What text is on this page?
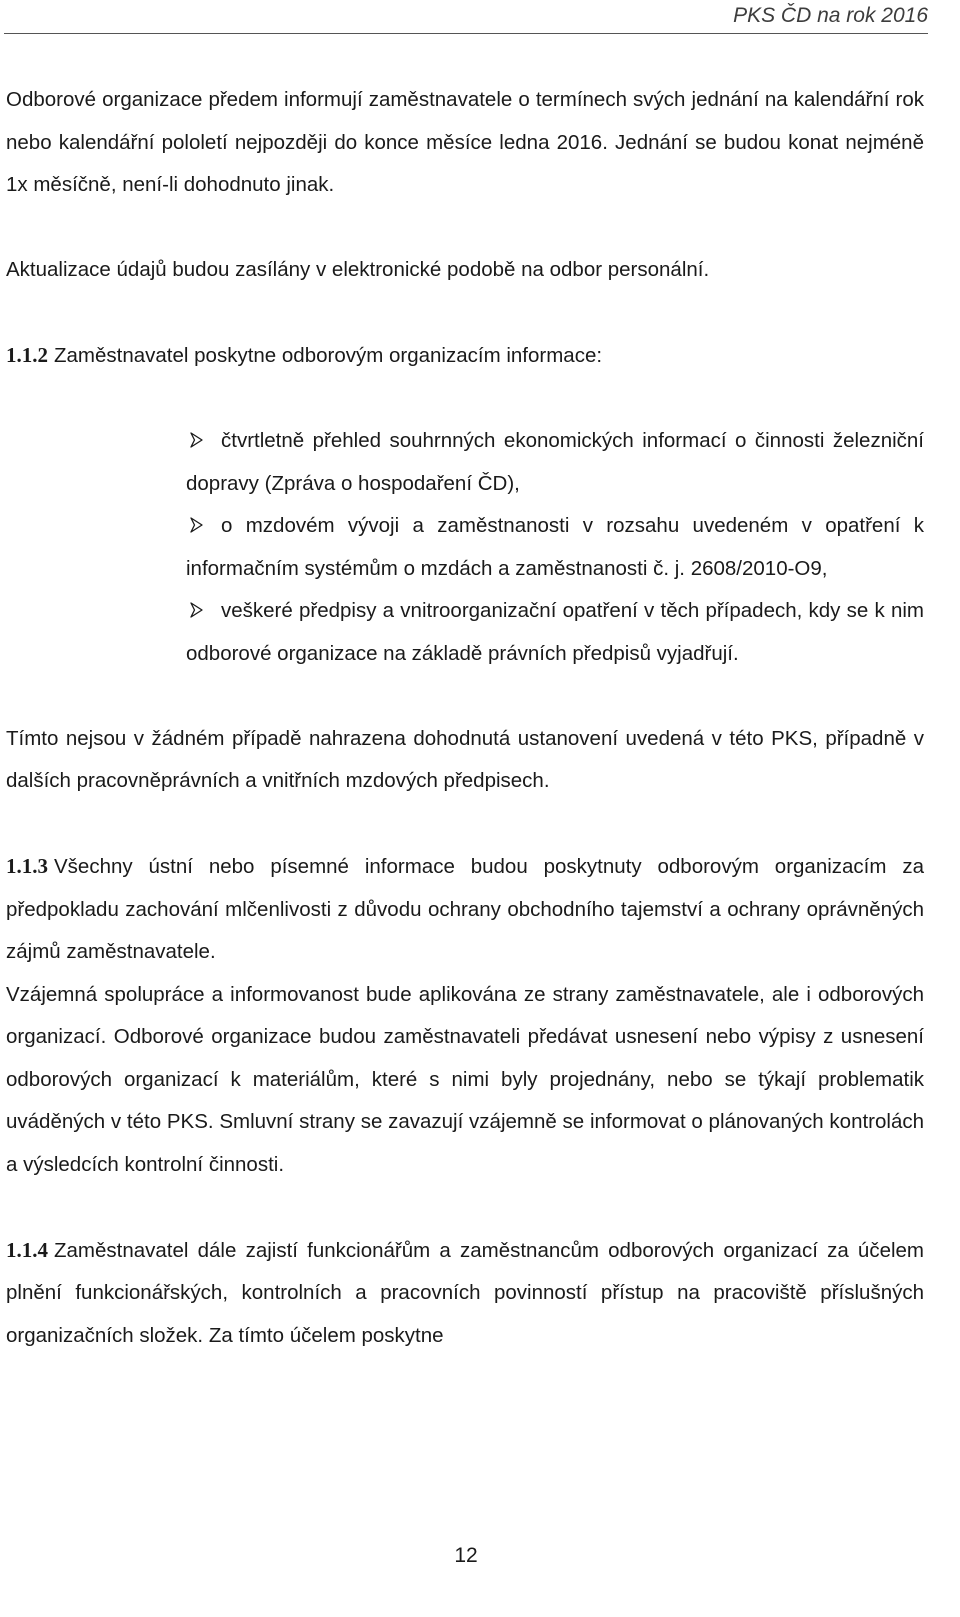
PKS ČD na rok 2016

Odborové organizace předem informují zaměstnavatele o termínech svých jednání na kalendářní rok nebo kalendářní pololetí nejpozději do konce měsíce ledna 2016. Jednání se budou konat nejméně 1x měsíčně, není-li dohodnuto jinak.

Aktualizace údajů budou zasílány v elektronické podobě na odbor personální.

1.1.2 Zaměstnavatel poskytne odborovým organizacím informace:

čtvrtletně přehled souhrnných ekonomických informací o činnosti železniční dopravy (Zpráva o hospodaření ČD),
o mzdovém vývoji a zaměstnanosti v rozsahu uvedeném v opatření k informačním systémům o mzdách a zaměstnanosti č. j. 2608/2010-O9,
veškeré předpisy a vnitroorganizační opatření v těch případech, kdy se k nim odborové organizace na základě právních předpisů vyjadřují.

Tímto nejsou v žádném případě nahrazena dohodnutá ustanovení uvedená v této PKS, případně v dalších pracovněprávních a vnitřních mzdových předpisech.

1.1.3 Všechny ústní nebo písemné informace budou poskytnuty odborovým organizacím za předpokladu zachování mlčenlivosti z důvodu ochrany obchodního tajemství a ochrany oprávněných zájmů zaměstnavatele.

Vzájemná spolupráce a informovanost bude aplikována ze strany zaměstnavatele, ale i odborových organizací. Odborové organizace budou zaměstnavateli předávat usnesení nebo výpisy z usnesení odborových organizací k materiálům, které s nimi byly projednány, nebo se týkají problematik uváděných v této PKS. Smluvní strany se zavazují vzájemně se informovat o plánovaných kontrolách a výsledcích kontrolní činnosti.

1.1.4 Zaměstnavatel dále zajistí funkcionářům a zaměstnancům odborových organizací za účelem plnění funkcionářských, kontrolních a pracovních povinností přístup na pracoviště příslušných organizačních složek. Za tímto účelem poskytne

12
